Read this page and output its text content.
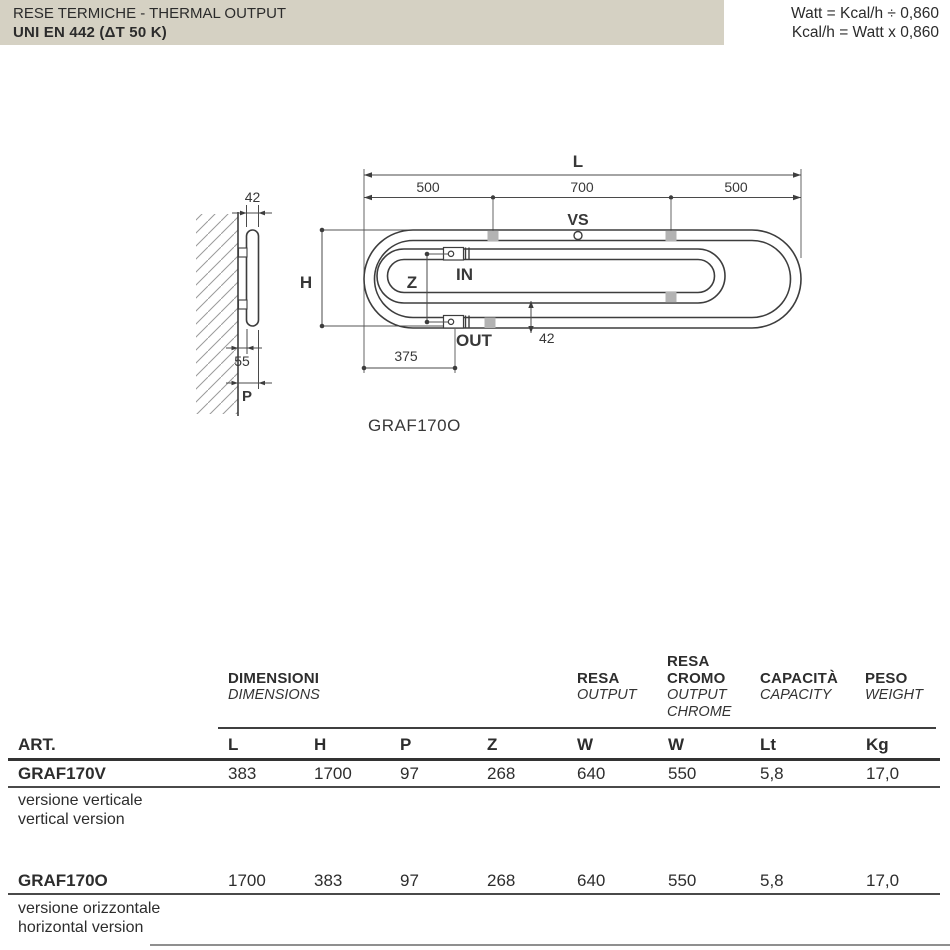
42
55
P
L
500	700	500
VS
H	Z IN
OUT	42
375
GRAF170O
RESE TERMICHE - THERMAL OUTPUT
UNI EN 442 (ΔT 50 K)
Watt = Kcal/h ÷ 0,860
Kcal/h = Watt x 0,860
DIMENSIONI
DIMENSIONS
RESA
OUTPUT
RESA
CROMO
OUTPUT
CHROME
CAPACITÀ
CAPACITY
PESO
WEIGHT
ART.	L	H	P	Z	W	W	Lt	Kg
GRAF170V	383	1700	97	268	640	550	5,8	17,0
versione verticale
vertical version
GRAF170O	1700	383	97	268	640	550	5,8	17,0
versione orizzontale
horizontal version
